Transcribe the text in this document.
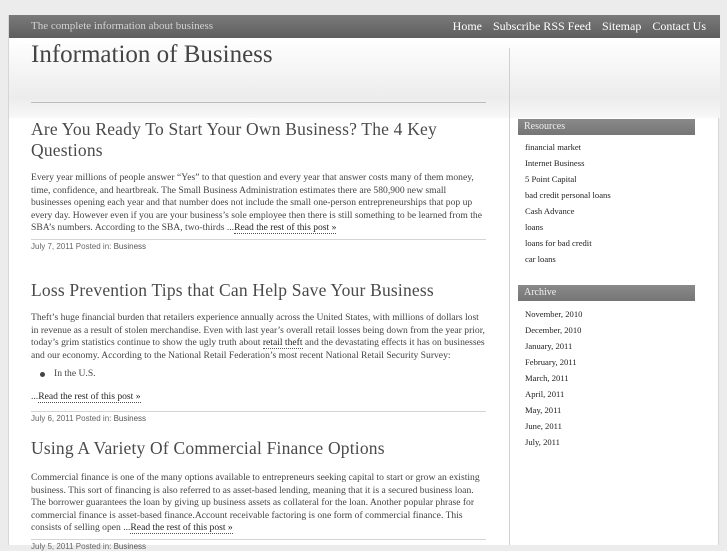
The complete information about business	Home Subscribe RSS Feed Sitemap Contact Us
Information of Business
Are You Ready To Start Your Own Business? The 4 Key Questions
Every year millions of people answer “Yes” to that question and every year that answer costs many of them money, time, confidence, and heartbreak. The Small Business Administration estimates there are 580,900 new small businesses opening each year and that number does not include the small one-person entrepreneurships that pop up every day. However even if you are your business’s sole employee then there is still something to be learned from the SBA’s numbers. According to the SBA, two-thirds ...Read the rest of this post »
July 7, 2011 Posted in: Business
Loss Prevention Tips that Can Help Save Your Business
Theft’s huge financial burden that retailers experience annually across the United States, with millions of dollars lost in revenue as a result of stolen merchandise. Even with last year’s overall retail losses being down from the year prior, today’s grim statistics continue to show the ugly truth about retail theft and the devastating effects it has on businesses and our economy. According to the National Retail Federation’s most recent National Retail Security Survey:
In the U.S.
...Read the rest of this post »
July 6, 2011 Posted in: Business
Using A Variety Of Commercial Finance Options
Commercial finance is one of the many options available to entrepreneurs seeking capital to start or grow an existing business. This sort of financing is also referred to as asset-based lending, meaning that it is a secured business loan. The borrower guarantees the loan by giving up business assets as collateral for the loan. Another popular phrase for commercial finance is asset-based finance.Account receivable factoring is one form of commercial finance. This consists of selling open ...Read the rest of this post »
July 5, 2011 Posted in: Business
Resources
financial market
Internet Business
5 Point Capital
bad credit personal loans
Cash Advance
loans
loans for bad credit
car loans
Archive
November, 2010
December, 2010
January, 2011
February, 2011
March, 2011
April, 2011
May, 2011
June, 2011
July, 2011
